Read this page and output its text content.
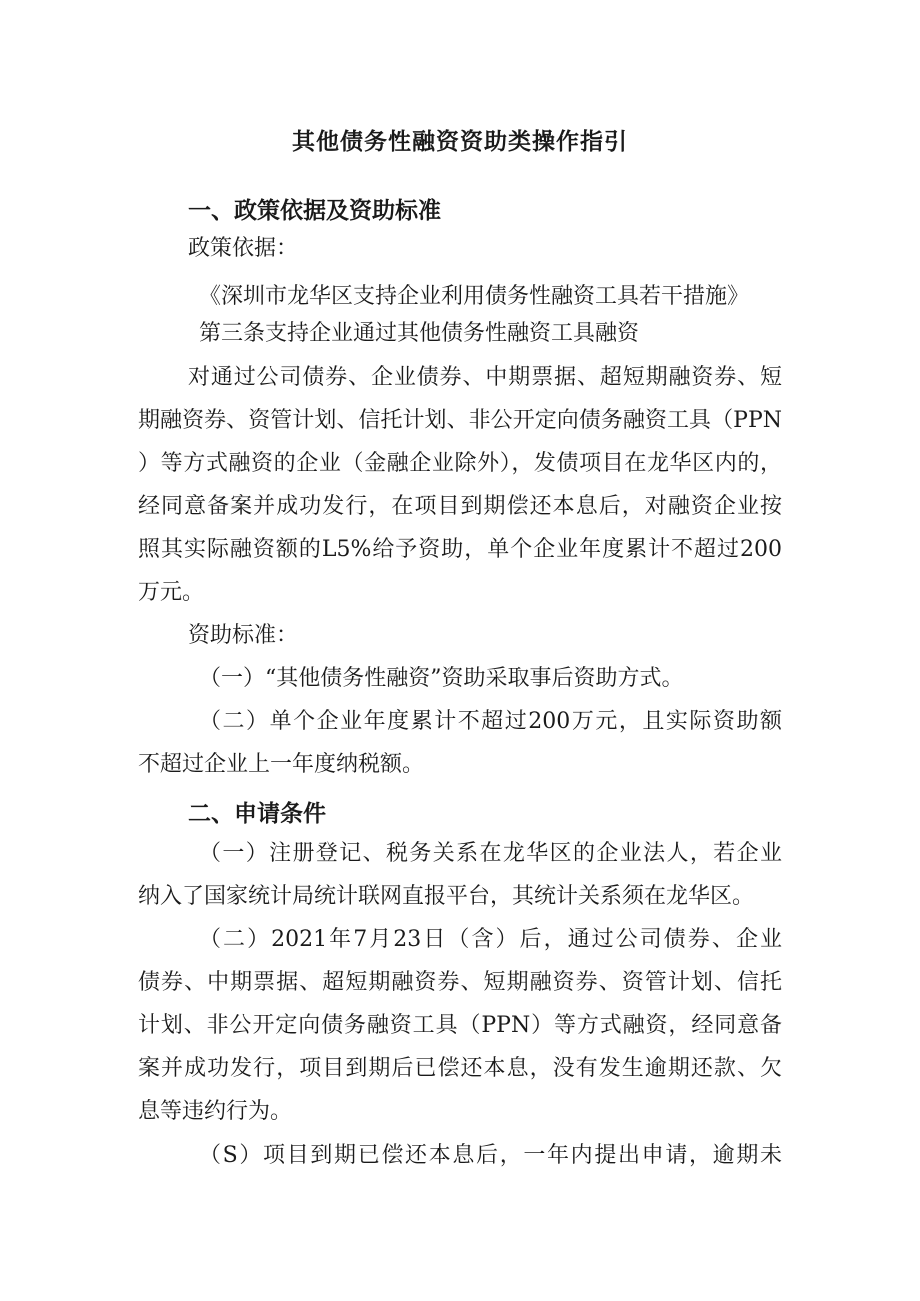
其他债务性融资资助类操作指引
一、政策依据及资助标准
政策依据：
《深圳市龙华区支持企业利用债务性融资工具若干措施》
第三条支持企业通过其他债务性融资工具融资
对通过公司债券、企业债券、中期票据、超短期融资券、短
期融资券、资管计划、信托计划、非公开定向债务融资工具（PPN
）等方式融资的企业（金融企业除外），发债项目在龙华区内的，
经同意备案并成功发行，在项目到期偿还本息后，对融资企业按
照其实际融资额的L5%给予资助，单个企业年度累计不超过200
万元。
资助标准：
（一）“其他债务性融资”资助采取事后资助方式。
（二）单个企业年度累计不超过200万元，且实际资助额
不超过企业上一年度纳税额。
二、申请条件
（一）注册登记、税务关系在龙华区的企业法人，若企业
纳入了国家统计局统计联网直报平台，其统计关系须在龙华区。
（二）2021年7月23日（含）后，通过公司债券、企业
债券、中期票据、超短期融资券、短期融资券、资管计划、信托
计划、非公开定向债务融资工具（PPN）等方式融资，经同意备
案并成功发行，项目到期后已偿还本息，没有发生逾期还款、欠
息等违约行为。
（S）项目到期已偿还本息后，一年内提出申请，逾期未
